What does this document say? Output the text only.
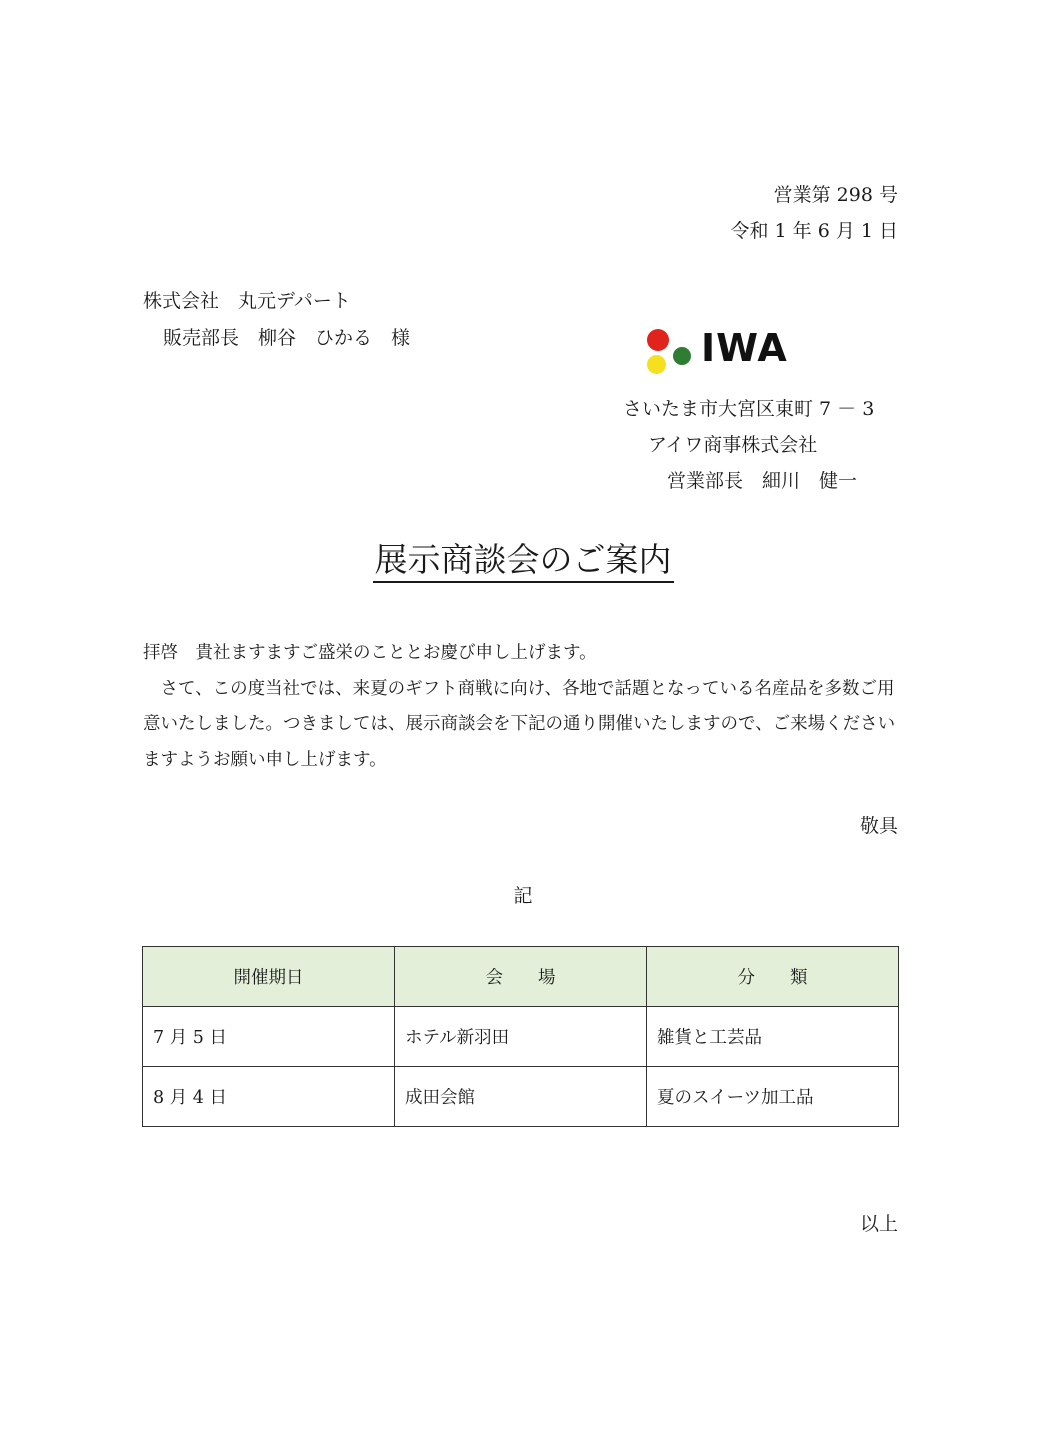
営業第 298 号
令和 1 年 6 月 1 日
株式会社　丸元デパート
販売部長　柳谷　ひかる　様	IWA
さいたま市大宮区東町 7 － 3
アイワ商事株式会社
営業部長　細川　健一
展示商談会のご案内

拝啓　貴社ますますご盛栄のこととお慶び申し上げます。

　さて、この度当社では、来夏のギフト商戦に向け、各地で話題となっている名産品を多数ご用意いたしました。つきましては、展示商談会を下記の通り開催いたしますので、ご来場くださいますようお願い申し上げます。

敬具
記
開催期日	会　　場	分　　類
7 月 5 日	ホテル新羽田	雑貨と工芸品
8 月 4 日	成田会館	夏のスイーツ加工品
以上
